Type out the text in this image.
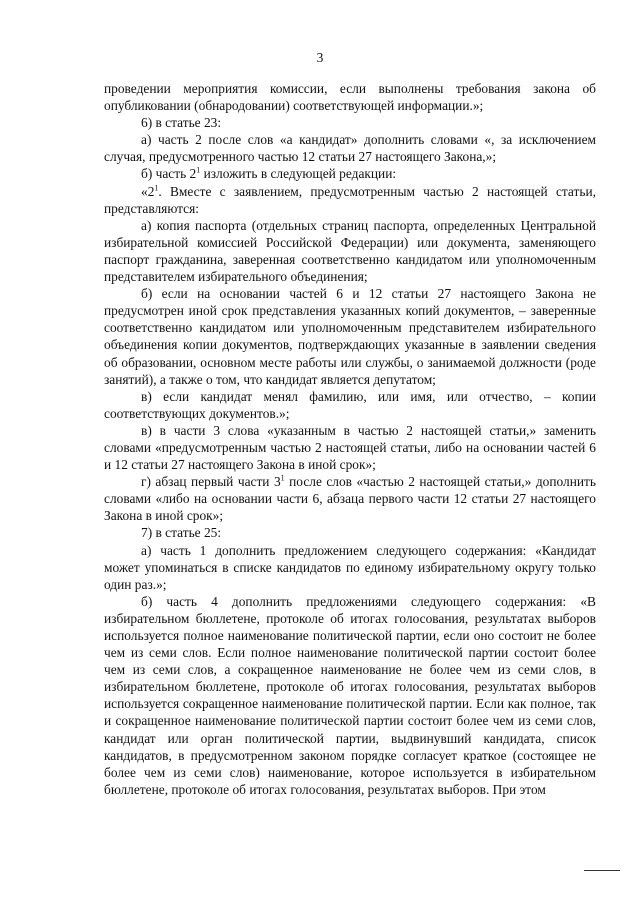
3

проведении мероприятия комиссии, если выполнены требования закона об опубликовании (обнародовании) соответствующей информации.»;

6) в статье 23:

а) часть 2 после слов «а кандидат» дополнить словами «, за исключением случая, предусмотренного частью 12 статьи 27 настоящего Закона,»;

б) часть $2^1$ изложить в следующей редакции:

«$2^1$. Вместе с заявлением, предусмотренным частью 2 настоящей статьи, представляются:

а) копия паспорта (отдельных страниц паспорта, определенных Центральной избирательной комиссией Российской Федерации) или документа, заменяющего паспорт гражданина, заверенная соответственно кандидатом или уполномоченным представителем избирательного объединения;

б) если на основании частей 6 и 12 статьи 27 настоящего Закона не предусмотрен иной срок представления указанных копий документов, – заверенные соответственно кандидатом или уполномоченным представителем избирательного объединения копии документов, подтверждающих указанные в заявлении сведения об образовании, основном месте работы или службы, о занимаемой должности (роде занятий), а также о том, что кандидат является депутатом;

в) если кандидат менял фамилию, или имя, или отчество, – копии соответствующих документов.»;

в) в части 3 слова «указанным в частью 2 настоящей статьи,» заменить словами «предусмотренным частью 2 настоящей статьи, либо на основании частей 6 и 12 статьи 27 настоящего Закона в иной срок»;

г) абзац первый части $3^1$ после слов «частью 2 настоящей статьи,» дополнить словами «либо на основании части 6, абзаца первого части 12 статьи 27 настоящего Закона в иной срок»;

7) в статье 25:

а) часть 1 дополнить предложением следующего содержания: «Кандидат может упоминаться в списке кандидатов по единому избирательному округу только один раз.»;

б) часть 4 дополнить предложениями следующего содержания: «В избирательном бюллетене, протоколе об итогах голосования, результатах выборов используется полное наименование политической партии, если оно состоит не более чем из семи слов. Если полное наименование политической партии состоит более чем из семи слов, а сокращенное наименование не более чем из семи слов, в избирательном бюллетене, протоколе об итогах голосования, результатах выборов используется сокращенное наименование политической партии. Если как полное, так и сокращенное наименование политической партии состоит более чем из семи слов, кандидат или орган политической партии, выдвинувший кандидата, список кандидатов, в предусмотренном законом порядке согласует краткое (состоящее не более чем из семи слов) наименование, которое используется в избирательном бюллетене, протоколе об итогах голосования, результатах выборов. При этом
